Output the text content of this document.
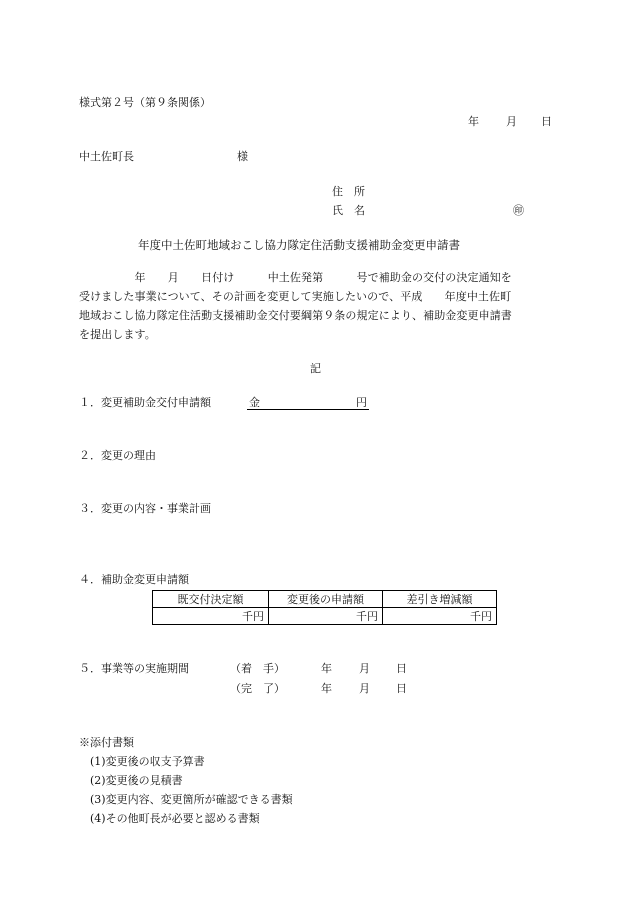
様式第２号（第９条関係）
年 月 日
中土佐町長	様
住　所
氏　名	㊞
年度中土佐町地域おこし協力隊定住活動支援補助金変更申請書
　　　　　年　　月　　日付け　　　中土佐発第　　　号で補助金の交付の決定通知を
受けました事業について、その計画を変更して実施したいので、平成　　年度中土佐町
地域おこし協力隊定住活動支援補助金交付要綱第９条の規定により、補助金変更申請書
を提出します。
記
１．変更補助金交付申請額	金	円
２．変更の理由
３．変更の内容・事業計画
４．補助金変更申請額
既交付決定額	変更後の申請額	差引き増減額
千円	千円	千円
５．事業等の実施期間	（着　手）	年 月 日
（完　了）	年 月 日
※添付書類
(1)変更後の収支予算書
(2)変更後の見積書
(3)変更内容、変更箇所が確認できる書類
(4)その他町長が必要と認める書類
